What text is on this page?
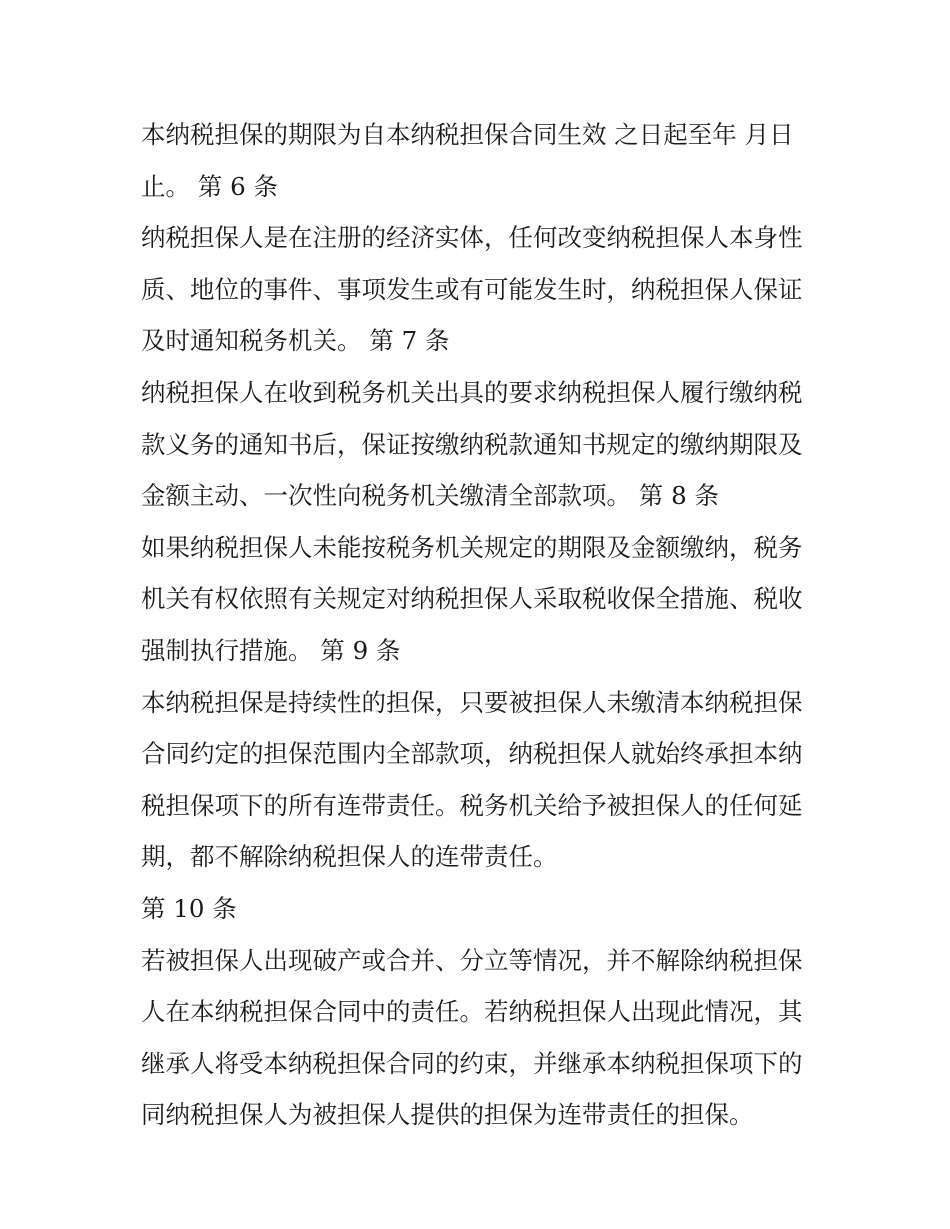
本纳税担保的期限为自本纳税担保合同生效 之日起至年 月日
止。 第 6 条
纳税担保人是在注册的经济实体，任何改变纳税担保人本身性
质、地位的事件、事项发生或有可能发生时，纳税担保人保证
及时通知税务机关。 第 7 条
纳税担保人在收到税务机关出具的要求纳税担保人履行缴纳税
款义务的通知书后，保证按缴纳税款通知书规定的缴纳期限及
金额主动、一次性向税务机关缴清全部款项。 第 8 条
如果纳税担保人未能按税务机关规定的期限及金额缴纳，税务
机关有权依照有关规定对纳税担保人采取税收保全措施、税收
强制执行措施。 第 9 条
本纳税担保是持续性的担保，只要被担保人未缴清本纳税担保
合同约定的担保范围内全部款项，纳税担保人就始终承担本纳
税担保项下的所有连带责任。税务机关给予被担保人的任何延
期，都不解除纳税担保人的连带责任。
第 10 条
若被担保人出现破产或合并、分立等情况，并不解除纳税担保
人在本纳税担保合同中的责任。若纳税担保人出现此情况，其
继承人将受本纳税担保合同的约束，并继承本纳税担保项下的
同纳税担保人为被担保人提供的担保为连带责任的担保。
